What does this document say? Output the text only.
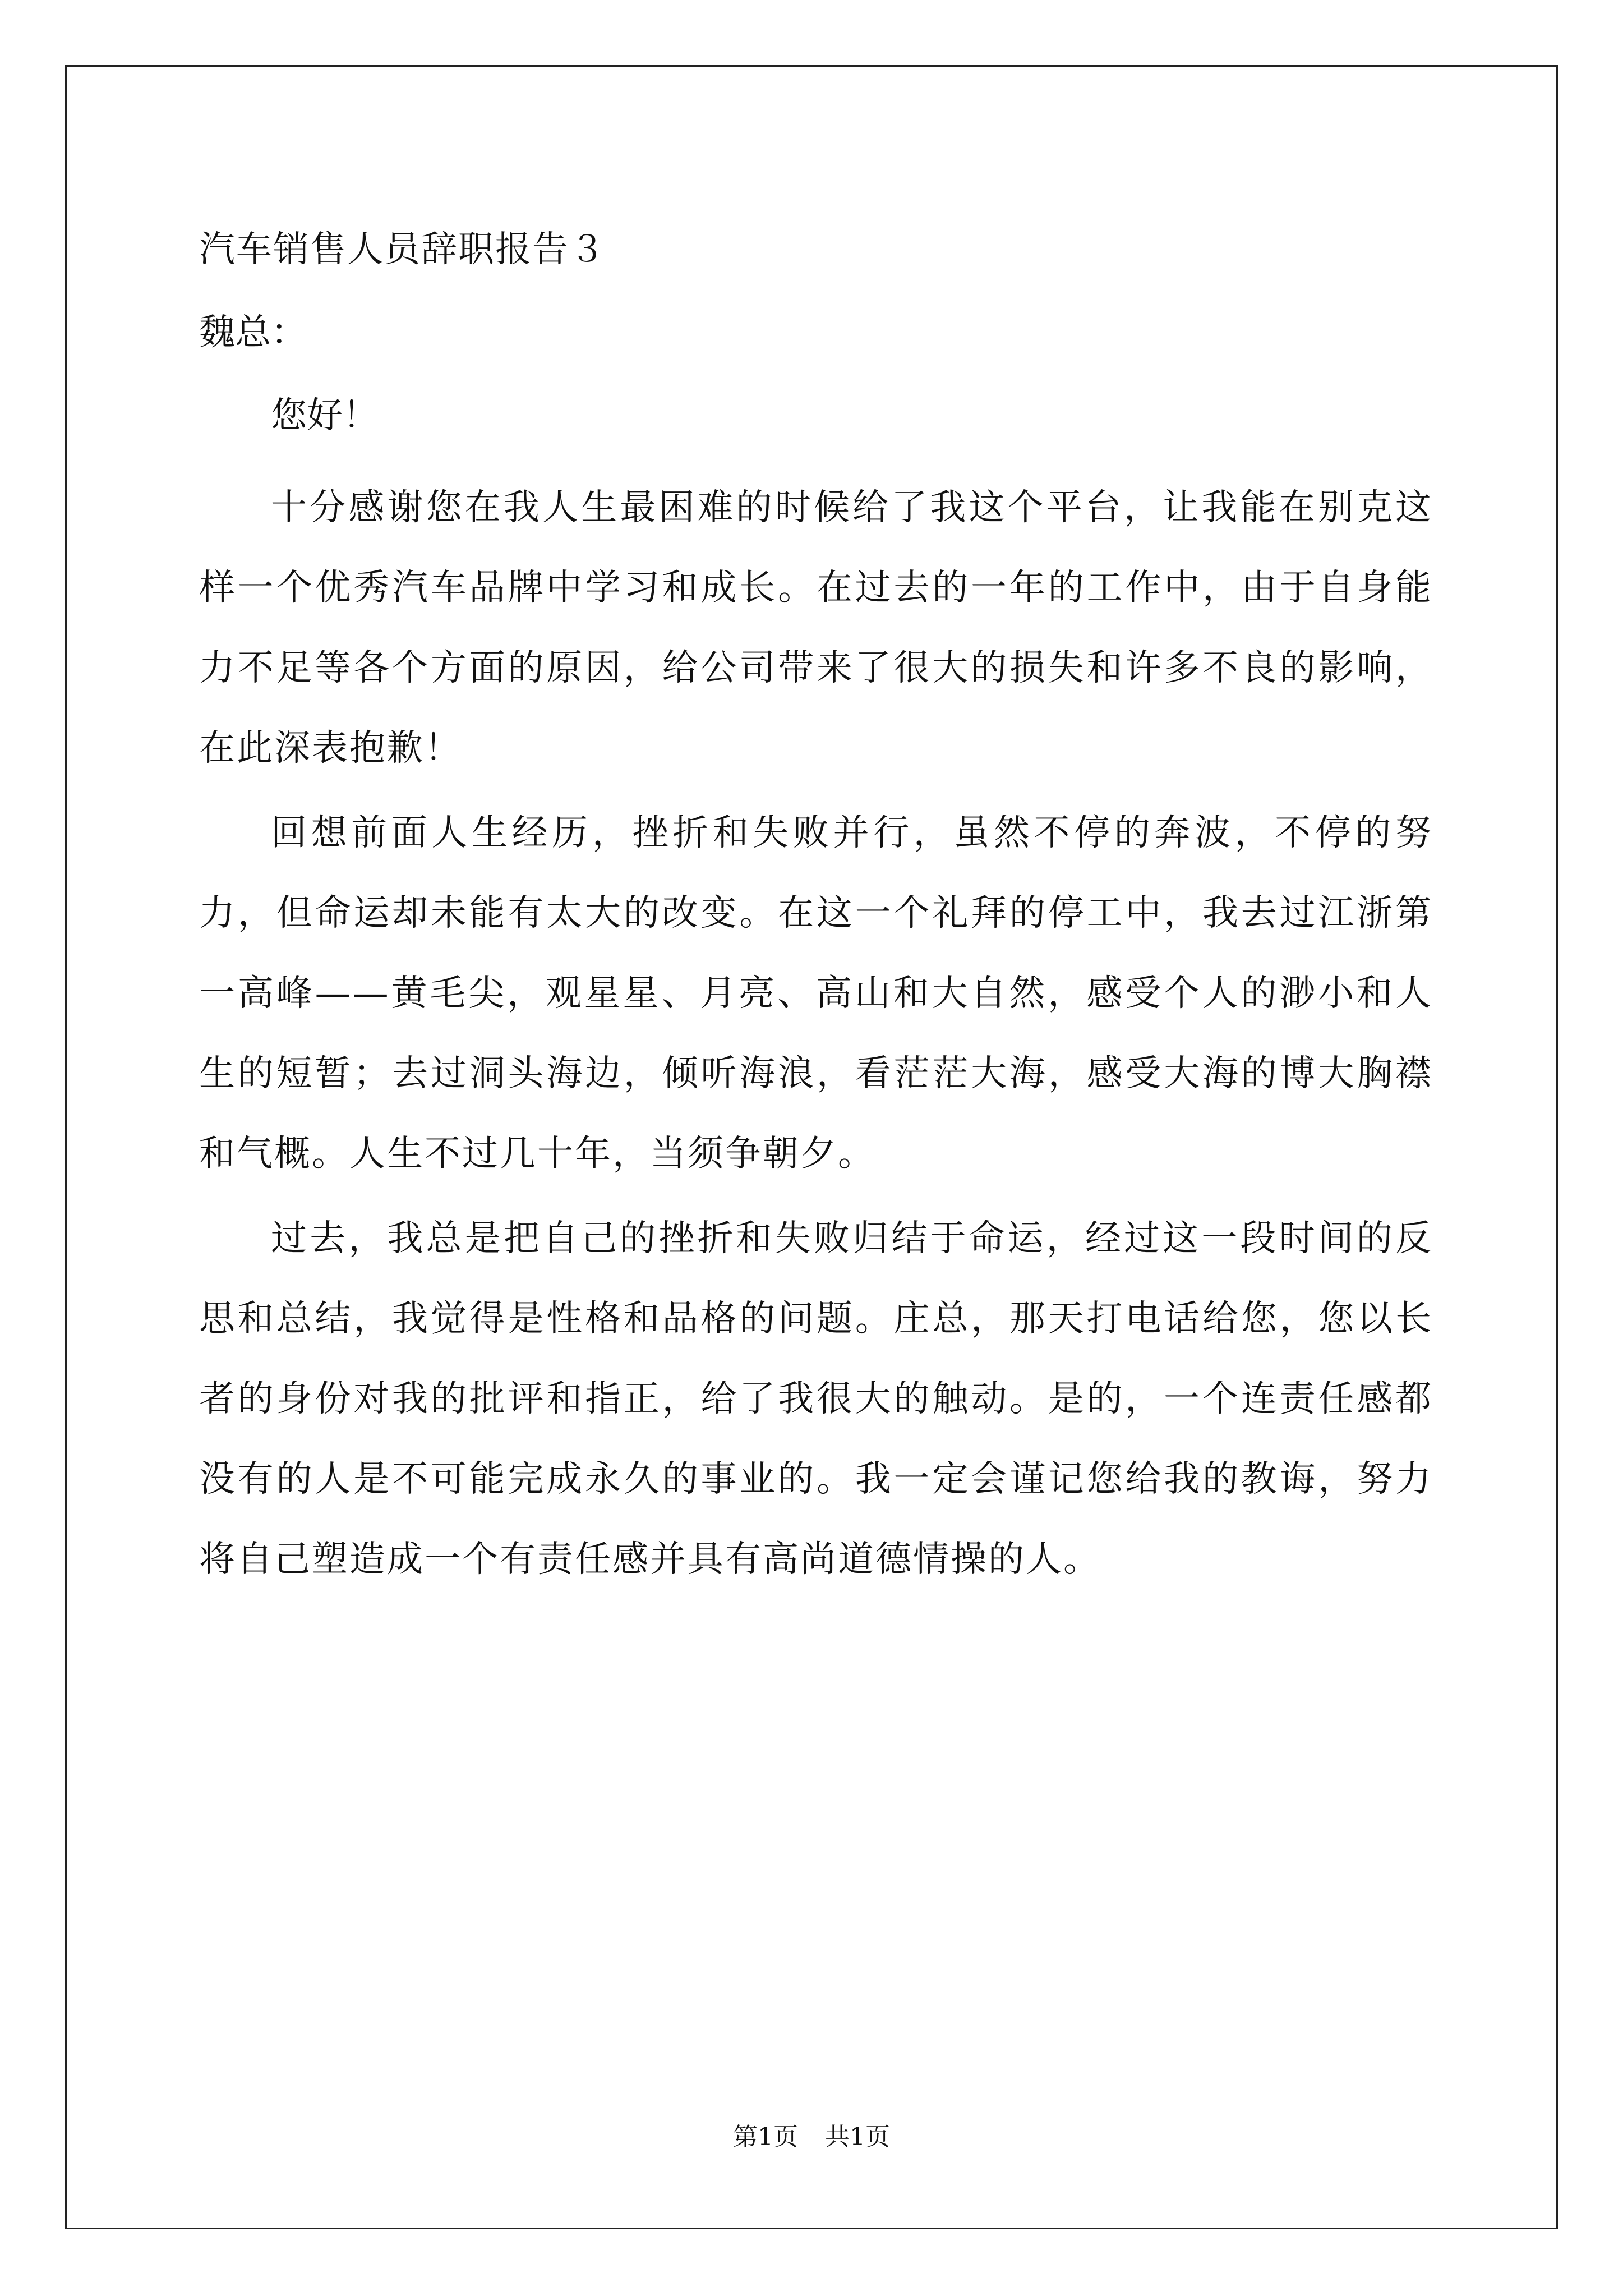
汽车销售人员辞职报告３
魏总：
您好！

十分感谢您在我人生最困难的时候给了我这个平台，让我能在别克这样一个优秀汽车品牌中学习和成长。在过去的一年的工作中，由于自身能力不足等各个方面的原因，给公司带来了很大的损失和许多不良的影响，在此深表抱歉！

回想前面人生经历，挫折和失败并行，虽然不停的奔波，不停的努力，但命运却未能有太大的改变。在这一个礼拜的停工中，我去过江浙第一高峰——黄毛尖，观星星、月亮、高山和大自然，感受个人的渺小和人生的短暂；去过洞头海边，倾听海浪，看茫茫大海，感受大海的博大胸襟和气概。人生不过几十年，当须争朝夕。

过去，我总是把自己的挫折和失败归结于命运，经过这一段时间的反思和总结，我觉得是性格和品格的问题。庄总，那天打电话给您，您以长者的身份对我的批评和指正，给了我很大的触动。是的，一个连责任感都没有的人是不可能完成永久的事业的。我一定会谨记您给我的教诲，努力将自己塑造成一个有责任感并具有高尚道德情操的人。

第1页 共1页
